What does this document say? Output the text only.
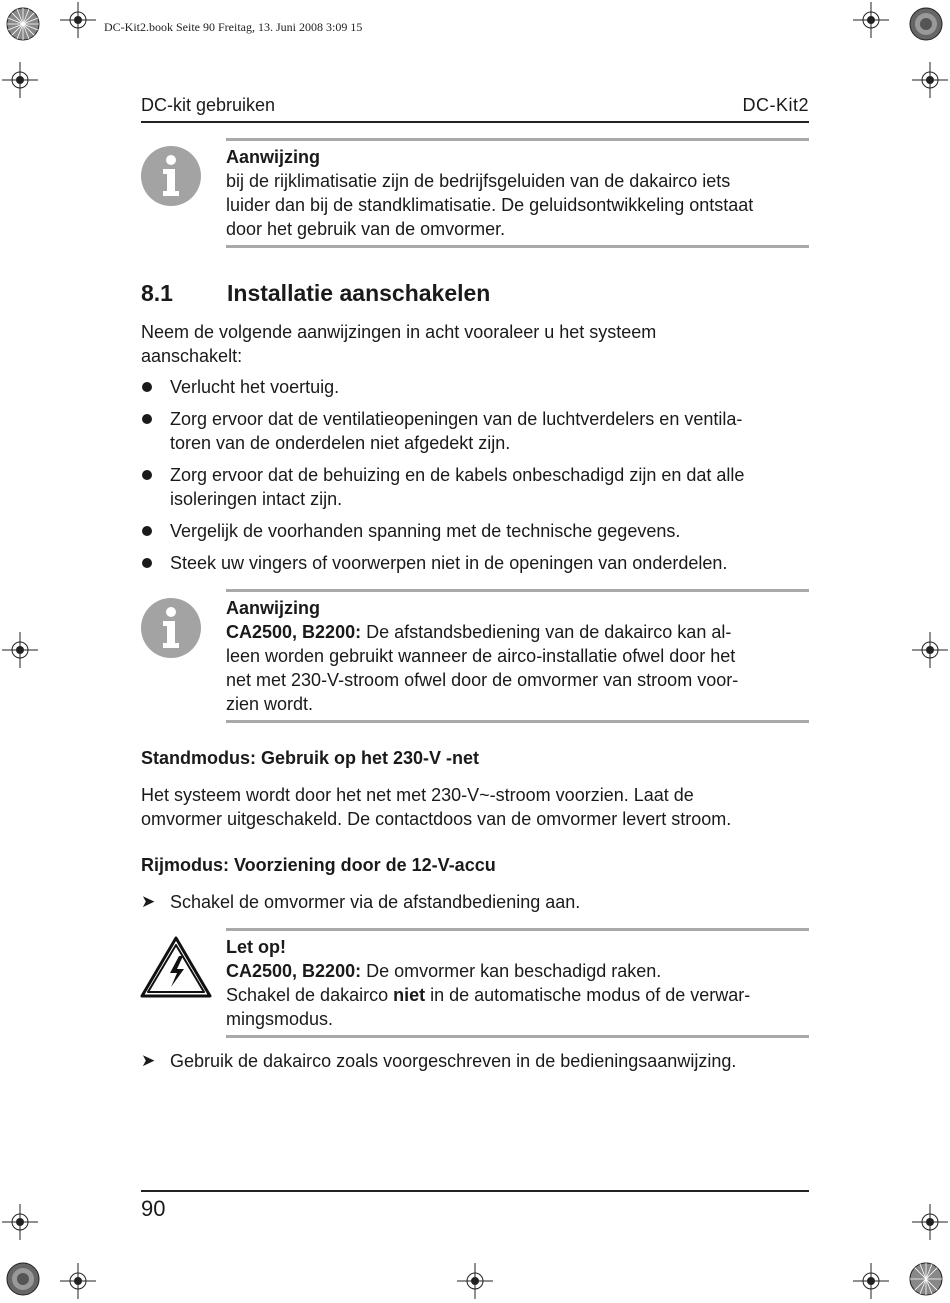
DC-Kit2.book Seite 90 Freitag, 13. Juni 2008 3:09 15
DC-kit gebruiken	DC-Kit2

Aanwijzing

bij de rijklimatisatie zijn de bedrijfsgeluiden van de dakairco iets

luider dan bij de standklimatisatie. De geluidsontwikkeling ontstaat

door het gebruik van de omvormer.

8.1 Installatie aanschakelen
Neem de volgende aanwijzingen in acht vooraleer u het systeem
aanschakelt:
Verlucht het voertuig.
Zorg ervoor dat de ventilatieopeningen van de luchtverdelers en ventila-
toren van de onderdelen niet afgedekt zijn.
Zorg ervoor dat de behuizing en de kabels onbeschadigd zijn en dat alle
isoleringen intact zijn.
Vergelijk de voorhanden spanning met de technische gegevens.
Steek uw vingers of voorwerpen niet in de openingen van onderdelen.

Aanwijzing

CA2500, B2200: De afstandsbediening van de dakairco kan al-

leen worden gebruikt wanneer de airco-installatie ofwel door het

net met 230-V-stroom ofwel door de omvormer van stroom voor-

zien wordt.

Standmodus: Gebruik op het 230-V -net
Het systeem wordt door het net met 230-V~-stroom voorzien. Laat de
omvormer uitgeschakeld. De contactdoos van de omvormer levert stroom.
Rijmodus: Voorziening door de 12-V-accu
➤ Schakel de omvormer via de afstandbediening aan.

Let op!

CA2500, B2200: De omvormer kan beschadigd raken.

Schakel de dakairco niet in de automatische modus of de verwar-

mingsmodus.

➤ Gebruik de dakairco zoals voorgeschreven in de bedieningsaanwijzing.
90
